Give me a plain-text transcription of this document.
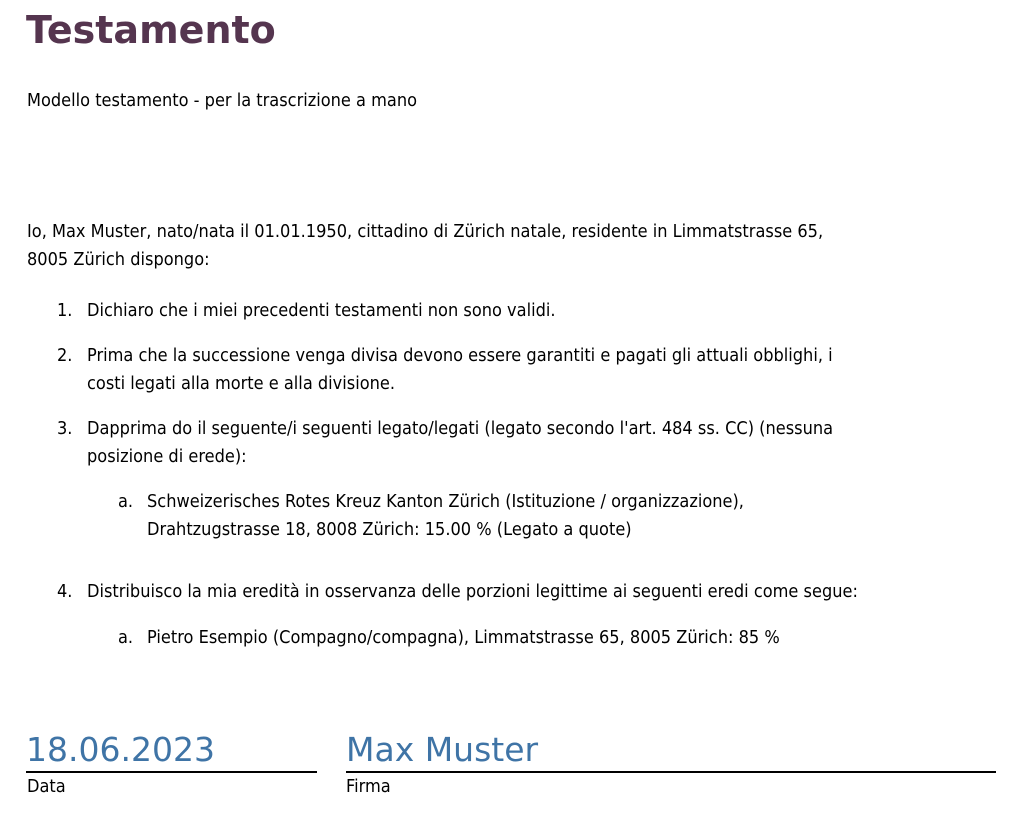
Testamento

Modello testamento - per la trascrizione a mano

Io, Max Muster, nato/nata il 01.01.1950, cittadino di Zürich natale, residente in Limmatstrasse 65,
8005 Zürich dispongo:
1. Dichiaro che i miei precedenti testamenti non sono validi.
2. Prima che la successione venga divisa devono essere garantiti e pagati gli attuali obblighi, i
costi legati alla morte e alla divisione.
3. Dapprima do il seguente/i seguenti legato/legati (legato secondo l'art. 484 ss. CC) (nessuna
posizione di erede):
a. Schweizerisches Rotes Kreuz Kanton Zürich (Istituzione / organizzazione),
Drahtzugstrasse 18, 8008 Zürich: 15.00 % (Legato a quote)
4. Distribuisco la mia eredità in osservanza delle porzioni legittime ai seguenti eredi come segue:
a. Pietro Esempio (Compagno/compagna), Limmatstrasse 65, 8005 Zürich: 85 %
18.06.2023
Data
Max Muster
Firma
